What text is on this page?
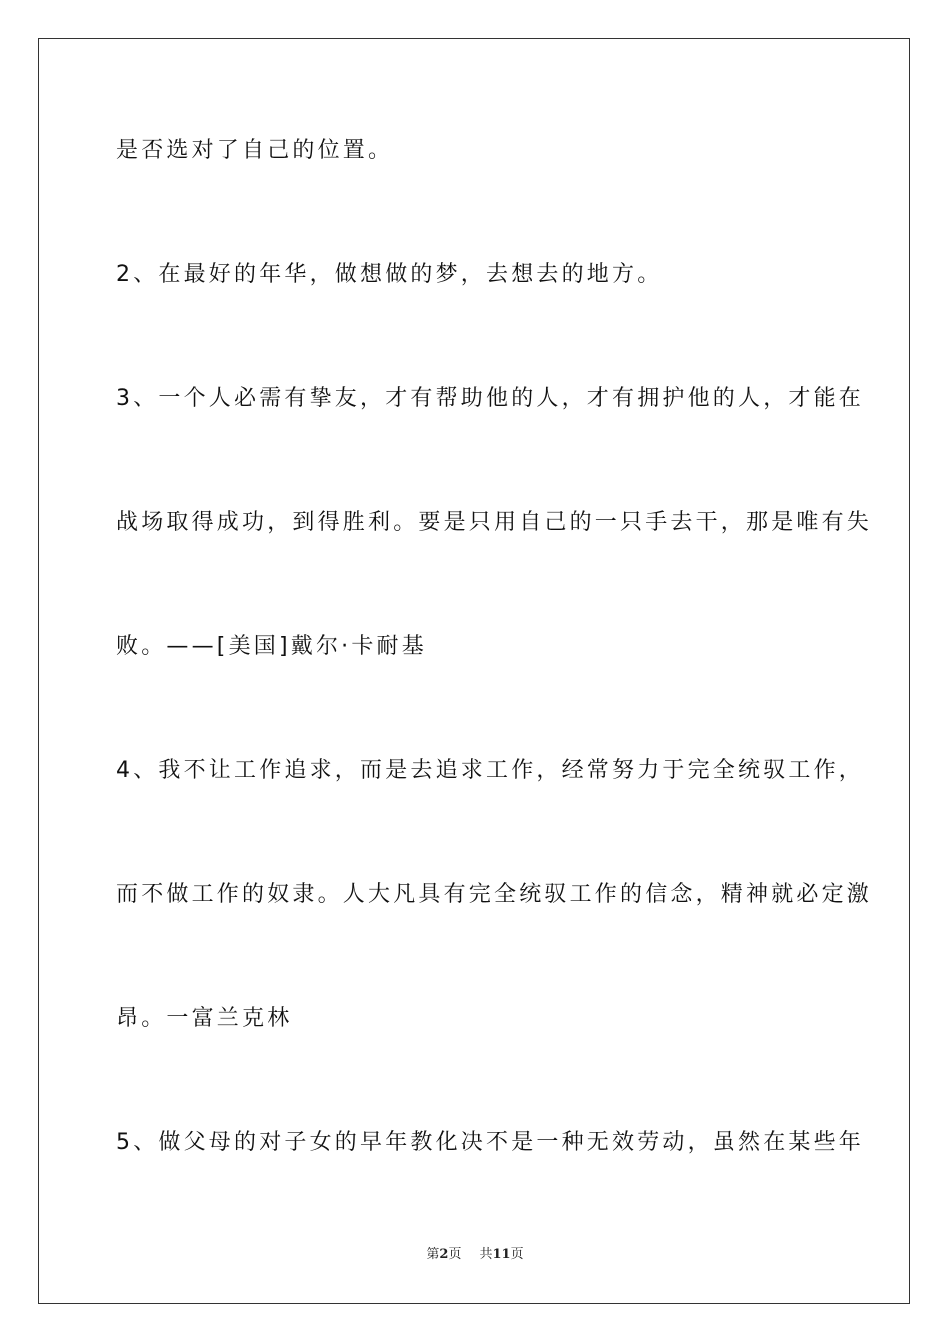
是否选对了自己的位置。
2、在最好的年华，做想做的梦，去想去的地方。
3、一个人必需有挚友，才有帮助他的人，才有拥护他的人，才能在
战场取得成功，到得胜利。要是只用自己的一只手去干，那是唯有失
败。——[美国]戴尔·卡耐基
4、我不让工作追求，而是去追求工作，经常努力于完全统驭工作，
而不做工作的奴隶。人大凡具有完全统驭工作的信念，精神就必定激
昂。一富兰克林
5、做父母的对子女的早年教化决不是一种无效劳动，虽然在某些年
第2页 共11页
